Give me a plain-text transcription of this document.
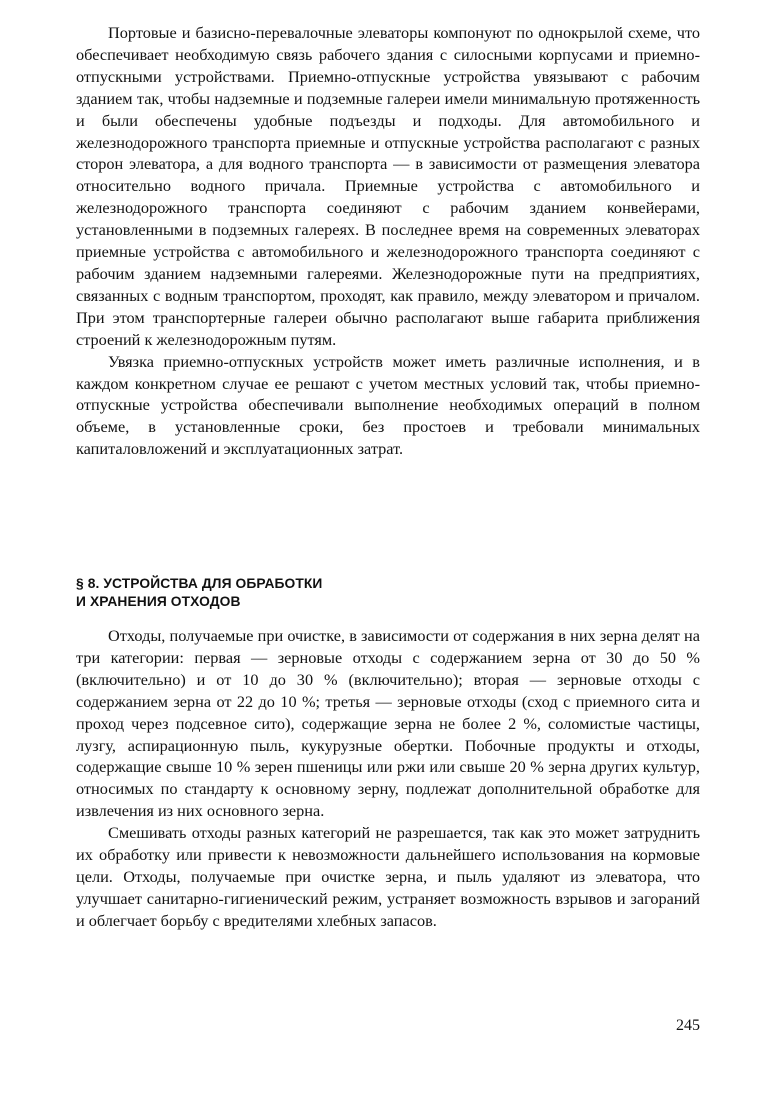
Портовые и базисно-перевалочные элеваторы компонуют по однокрылой схеме, что обеспечивает необходимую связь рабочего здания с силосными корпусами и приемно-отпускными устройствами. Приемно-отпускные устройства увязывают с рабочим зданием так, чтобы надземные и подземные галереи имели минимальную протяженность и были обеспечены удобные подъезды и подходы. Для автомобильного и железнодорожного транспорта приемные и отпускные устройства располагают с разных сторон элеватора, а для водного транспорта — в зависимости от размещения элеватора относительно водного причала. Приемные устройства с автомобильного и железнодорожного транспорта соединяют с рабочим зданием конвейерами, установленными в подземных галереях. В последнее время на современных элеваторах приемные устройства с автомобильного и железнодорожного транспорта соединяют с рабочим зданием надземными галереями. Железнодорожные пути на предприятиях, связанных с водным транспортом, проходят, как правило, между элеватором и причалом. При этом транспортерные галереи обычно располагают выше габарита приближения строений к железнодорожным путям.

Увязка приемно-отпускных устройств может иметь различные исполнения, и в каждом конкретном случае ее решают с учетом местных условий так, чтобы приемно-отпускные устройства обеспечивали выполнение необходимых операций в полном объеме, в установленные сроки, без простоев и требовали минимальных капиталовложений и эксплуатационных затрат.

§ 8. УСТРОЙСТВА ДЛЯ ОБРАБОТКИ
И ХРАНЕНИЯ ОТХОДОВ

Отходы, получаемые при очистке, в зависимости от содержания в них зерна делят на три категории: первая — зерновые отходы с содержанием зерна от 30 до 50 % (включительно) и от 10 до 30 % (включительно); вторая — зерновые отходы с содержанием зерна от 22 до 10 %; третья — зерновые отходы (сход с приемного сита и проход через подсевное сито), содержащие зерна не более 2 %, соломистые частицы, лузгу, аспирационную пыль, кукурузные обертки. Побочные продукты и отходы, содержащие свыше 10 % зерен пшеницы или ржи или свыше 20 % зерна других культур, относимых по стандарту к основному зерну, подлежат дополнительной обработке для извлечения из них основного зерна.

Смешивать отходы разных категорий не разрешается, так как это может затруднить их обработку или привести к невозможности дальнейшего использования на кормовые цели. Отходы, получаемые при очистке зерна, и пыль удаляют из элеватора, что улучшает санитарно-гигиенический режим, устраняет возможность взрывов и загораний и облегчает борьбу с вредителями хлебных запасов.

245
